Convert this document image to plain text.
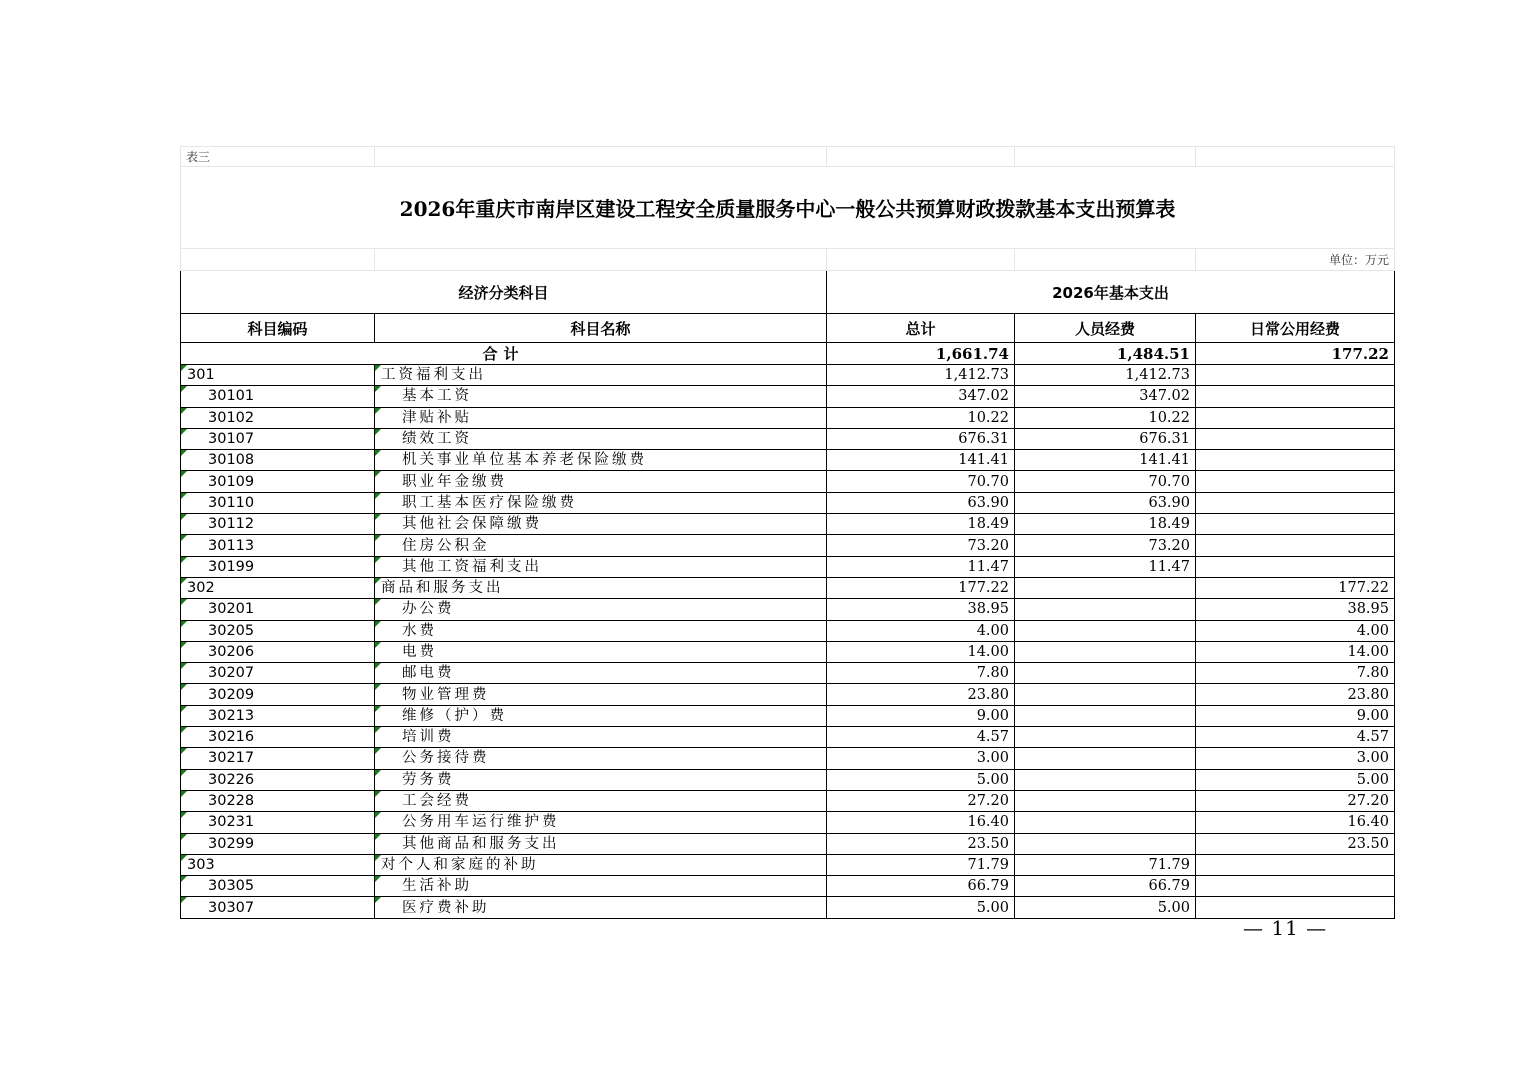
表三				
2026年重庆市南岸区建设工程安全质量服务中心一般公共预算财政拨款基本支出预算表				
				单位：万元
经济分类科目		2026年基本支出		
科目编码	科目名称	总计	人员经费	日常公用经费
合计		1,661.74	1,484.51	177.22

301	工资福利支出	1,412.73	1,412.73	

30101	基本工资	347.02	347.02	

30102	津贴补贴	10.22	10.22	

30107	绩效工资	676.31	676.31	

30108	机关事业单位基本养老保险缴费	141.41	141.41	

30109	职业年金缴费	70.70	70.70	

30110	职工基本医疗保险缴费	63.90	63.90	

30112	其他社会保障缴费	18.49	18.49	

30113	住房公积金	73.20	73.20	

30199	其他工资福利支出	11.47	11.47	

302	商品和服务支出	177.22		177.22

30201	办公费	38.95		38.95

30205	水费	4.00		4.00

30206	电费	14.00		14.00

30207	邮电费	7.80		7.80

30209	物业管理费	23.80		23.80

30213	维修（护）费	9.00		9.00

30216	培训费	4.57		4.57

30217	公务接待费	3.00		3.00

30226	劳务费	5.00		5.00

30228	工会经费	27.20		27.20

30231	公务用车运行维护费	16.40		16.40

30299	其他商品和服务支出	23.50		23.50

303	对个人和家庭的补助	71.79	71.79	

30305	生活补助	66.79	66.79	

30307	医疗费补助	5.00	5.00	
— 11 —
